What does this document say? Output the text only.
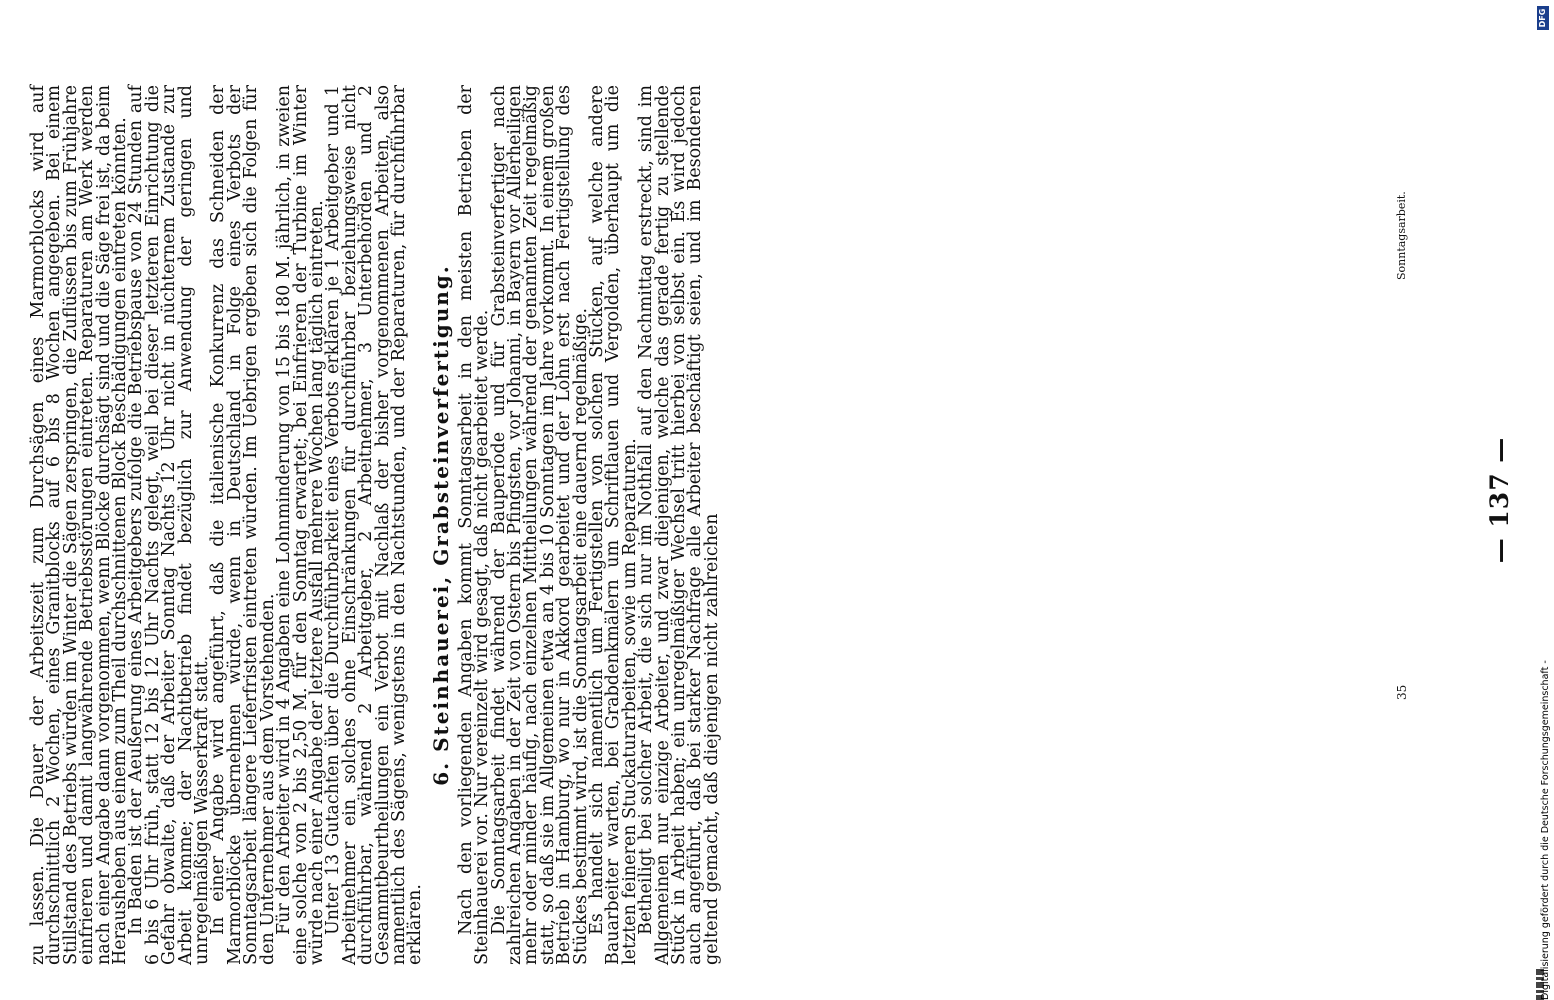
Digitalisierung gefördert durch die Deutsche Forschungsgemeinschaft -
DFG
— 137 —

zu lassen. Die Dauer der Arbeitszeit zum Durchsägen eines Marmorblocks wird auf durchschnittlich 2 Wochen, eines Granitblocks auf 6 bis 8 Wochen angegeben. Bei einem Stillstand des Betriebs würden im Winter die Sägen zerspringen, die Zuflüssen bis zum Frühjahre einfrieren und damit langwährende Betriebsstörungen eintreten. Reparaturen am Werk werden nach einer Angabe dann vorgenommen, wenn Blöcke durchsägt sind und die Säge frei ist, da beim Herausheben aus einem zum Theil durchschnittenen Block Beschädigungen eintreten könnten.

In Baden ist der Aeußerung eines Arbeitgebers zufolge die Betriebspause von 24 Stunden auf 6 bis 6 Uhr früh, statt 12 bis 12 Uhr Nachts gelegt, weil bei dieser letzteren Einrichtung die Gefahr obwalte, daß der Arbeiter Sonntag Nachts 12 Uhr nicht in nüchternem Zustande zur Arbeit komme; der Nachtbetrieb findet bezüglich zur Anwendung der geringen und unregelmäßigen Wasserkraft statt.

In einer Angabe wird angeführt, daß die italienische Konkurrenz das Schneiden der Marmorblöcke übernehmen würde, wenn in Deutschland in Folge eines Verbots der Sonntagsarbeit längere Lieferfristen eintreten würden. Im Uebrigen ergeben sich die Folgen für den Unternehmer aus dem Vorstehenden.

Für den Arbeiter wird in 4 Angaben eine Lohnminderung von 15 bis 180 M. jährlich, in zweien eine solche von 2 bis 2,50 M. für den Sonntag erwartet; bei Einfrieren der Turbine im Winter würde nach einer Angabe der letztere Ausfall mehrere Wochen lang täglich eintreten.

Unter 13 Gutachten über die Durchführbarkeit eines Verbots erklären je 1 Arbeitgeber und 1 Arbeitnehmer ein solches ohne Einschränkungen für durchführbar beziehungsweise nicht durchführbar, während 2 Arbeitgeber, 2 Arbeitnehmer, 3 Unterbehörden und 2 Gesammtbeurtheilungen ein Verbot mit Nachlaß der bisher vorgenommenen Arbeiten, also namentlich des Sägens, wenigstens in den Nachtstunden, und der Reparaturen, für durchführbar erklären.

6. Steinhauerei, Grabsteinverfertigung. Nach den vorliegenden Angaben kommt Sonntagsarbeit in den meisten Betrieben der Steinhauerei vor. Nur vereinzelt wird gesagt, daß nicht gearbeitet werde.

Die Sonntagsarbeit findet während der Bauperiode und für Grabsteinverfertiger nach zahlreichen Angaben in der Zeit von Ostern bis Pfingsten, vor Johanni, in Bayern vor Allerheiligen mehr oder minder häufig, nach einzelnen Mittheilungen während der genannten Zeit regelmäßig statt, so daß sie im Allgemeinen etwa an 4 bis 10 Sonntagen im Jahre vorkommt. In einem großen Betrieb in Hamburg, wo nur in Akkord gearbeitet und der Lohn erst nach Fertigstellung des Stückes bestimmt wird, ist die Sonntagsarbeit eine dauernd regelmäßige.

Es handelt sich namentlich um Fertigstellen von solchen Stücken, auf welche andere Bauarbeiter warten, bei Grabdenkmälern um Schriftlauen und Vergolden, überhaupt um die letzten feineren Stuckaturarbeiten, sowie um Reparaturen.

Betheiligt bei solcher Arbeit, die sich nur im Nothfall auf den Nachmittag erstreckt, sind im Allgemeinen nur einzige Arbeiter, und zwar diejenigen, welche das gerade fertig zu stellende Stück in Arbeit haben; ein unregelmäßiger Wechsel tritt hierbei von selbst ein. Es wird jedoch auch angeführt, daß bei starker Nachfrage alle Arbeiter beschäftigt seien, und im Besonderen geltend gemacht, daß diejenigen nicht zahlreichen

Sonntagsarbeit.
35
